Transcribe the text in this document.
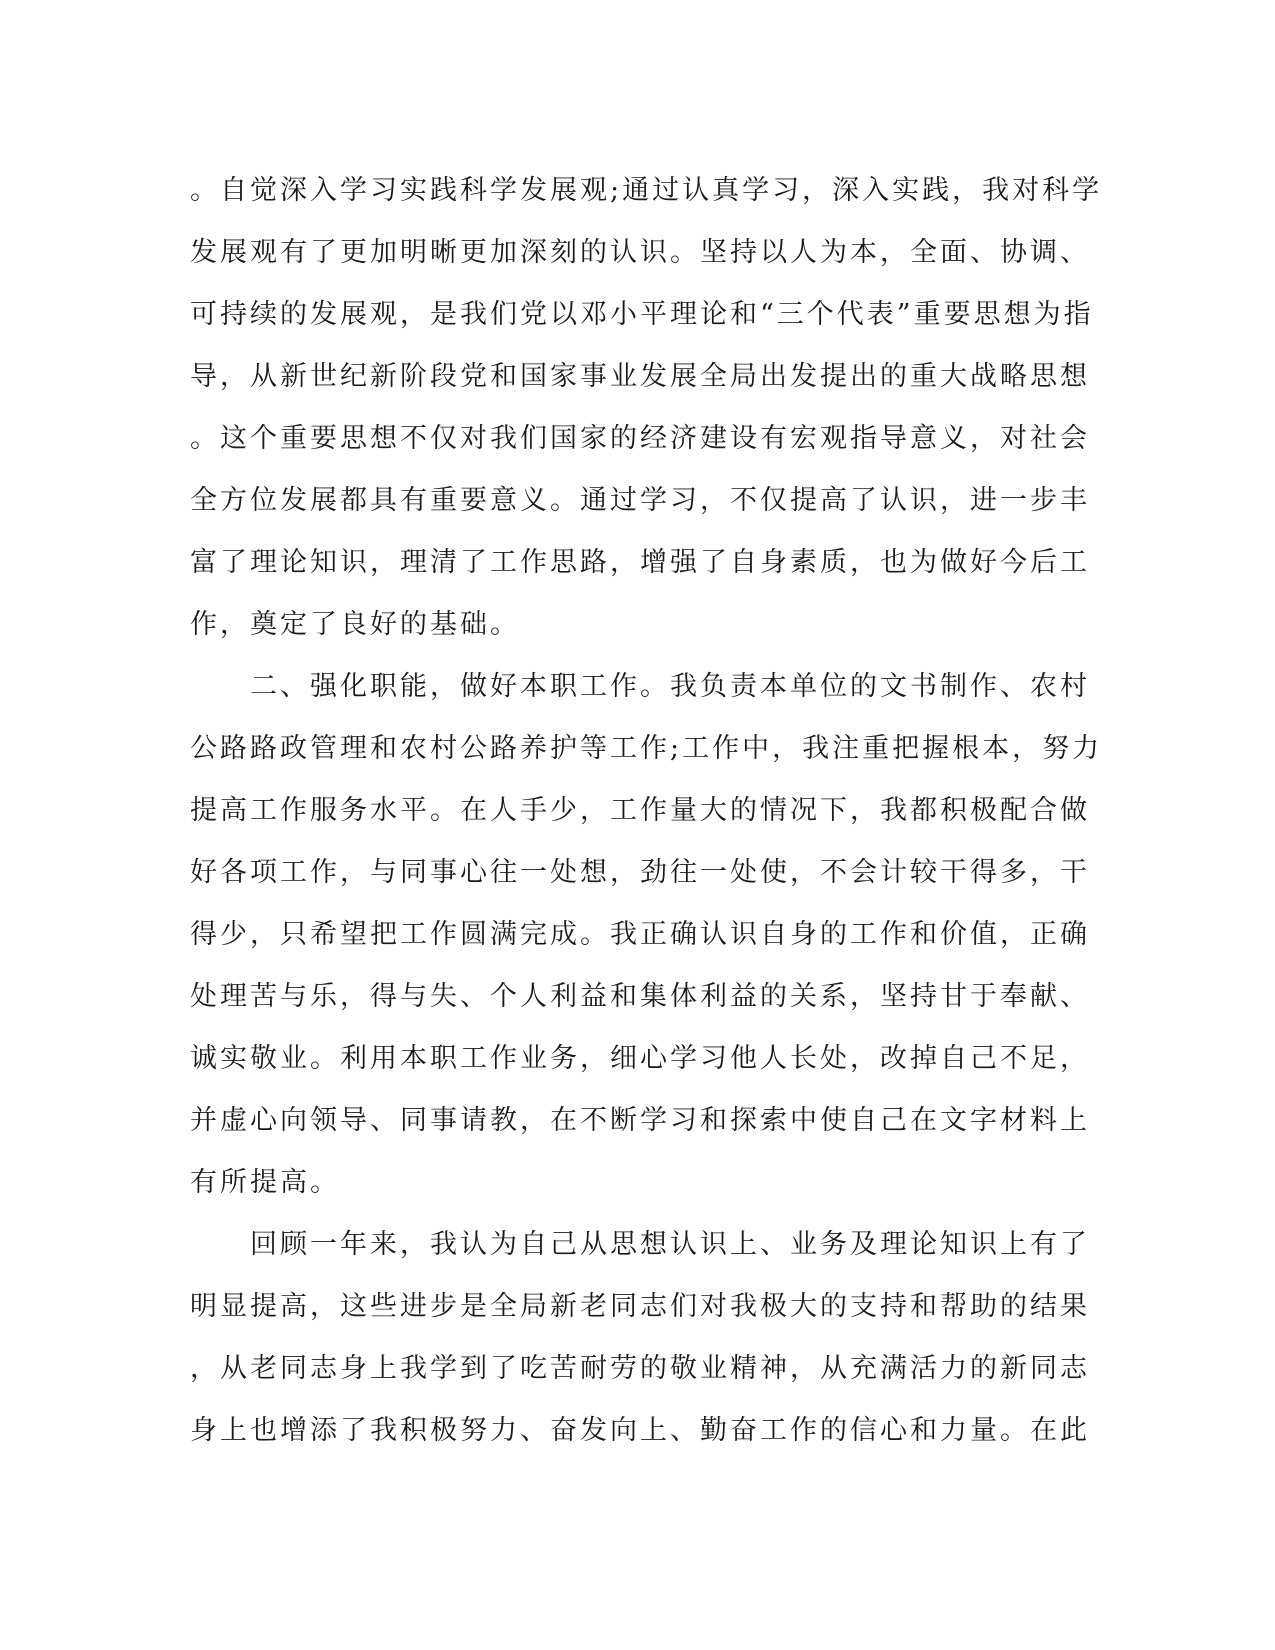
。自觉深入学习实践科学发展观;通过认真学习，深入实践，我对科学
发展观有了更加明晰更加深刻的认识。坚持以人为本，全面、协调、
可持续的发展观，是我们党以邓小平理论和“三个代表”重要思想为指
导，从新世纪新阶段党和国家事业发展全局出发提出的重大战略思想
。这个重要思想不仅对我们国家的经济建设有宏观指导意义，对社会
全方位发展都具有重要意义。通过学习，不仅提高了认识，进一步丰
富了理论知识，理清了工作思路，增强了自身素质，也为做好今后工
作，奠定了良好的基础。
　　二、强化职能，做好本职工作。我负责本单位的文书制作、农村
公路路政管理和农村公路养护等工作;工作中，我注重把握根本，努力
提高工作服务水平。在人手少，工作量大的情况下，我都积极配合做
好各项工作，与同事心往一处想，劲往一处使，不会计较干得多，干
得少，只希望把工作圆满完成。我正确认识自身的工作和价值，正确
处理苦与乐，得与失、个人利益和集体利益的关系，坚持甘于奉献、
诚实敬业。利用本职工作业务，细心学习他人长处，改掉自己不足，
并虚心向领导、同事请教，在不断学习和探索中使自己在文字材料上
有所提高。
　　回顾一年来，我认为自己从思想认识上、业务及理论知识上有了
明显提高，这些进步是全局新老同志们对我极大的支持和帮助的结果
，从老同志身上我学到了吃苦耐劳的敬业精神，从充满活力的新同志
身上也增添了我积极努力、奋发向上、勤奋工作的信心和力量。在此
